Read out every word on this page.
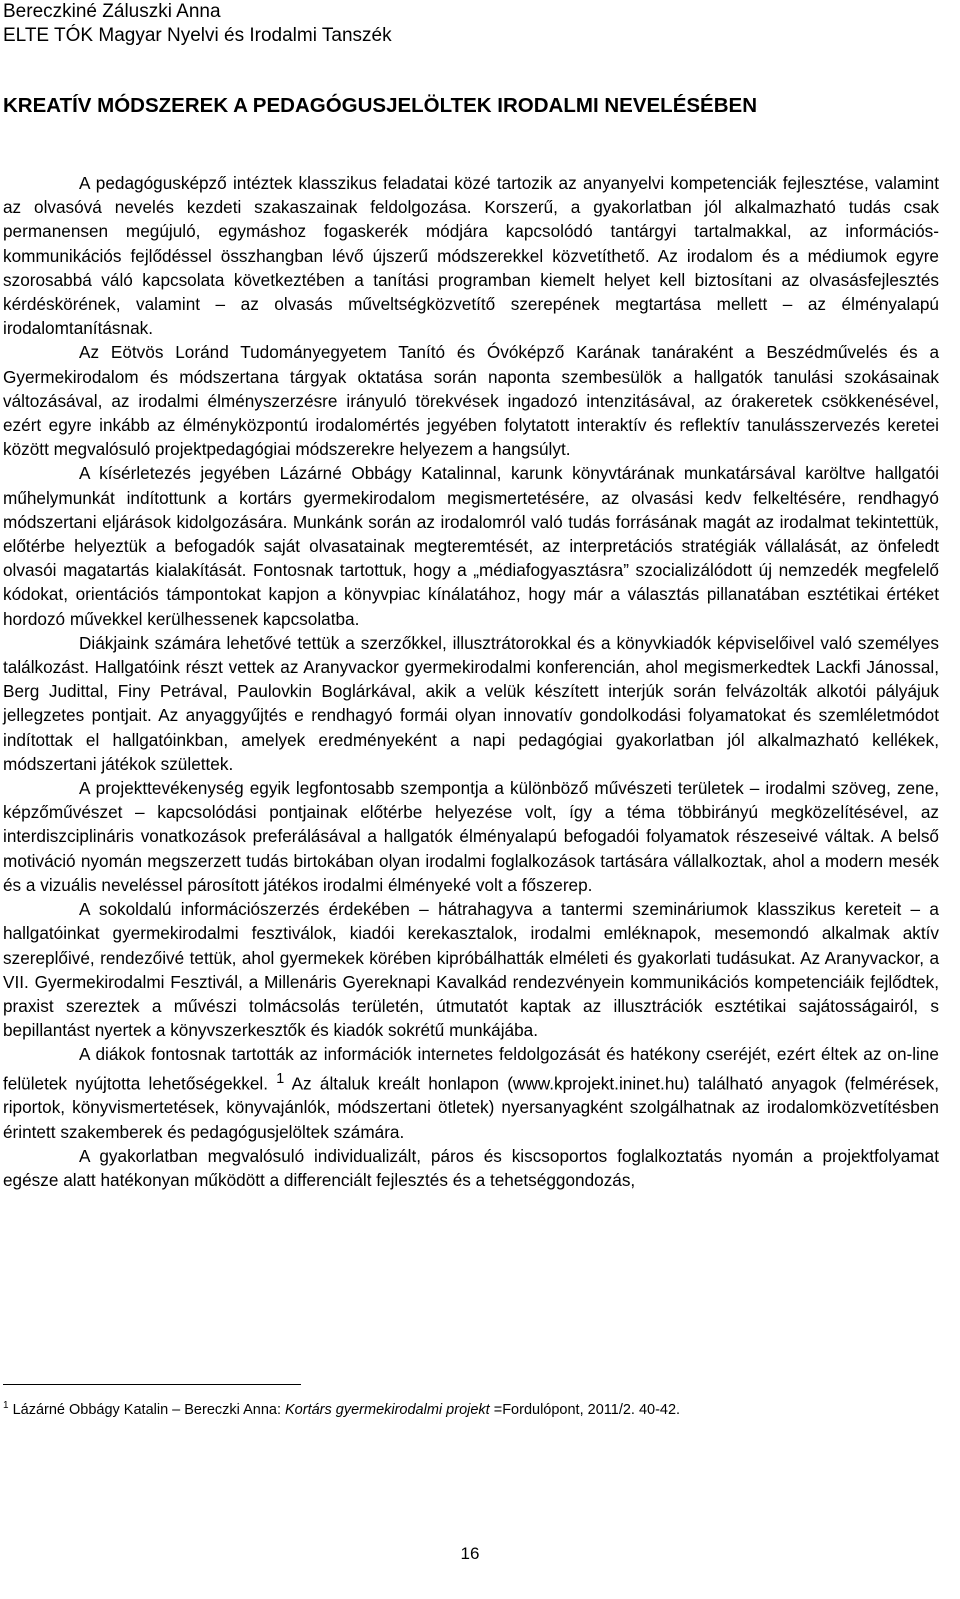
Bereczkiné Záluszki Anna
ELTE TÓK Magyar Nyelvi és Irodalmi Tanszék
KREATÍV MÓDSZEREK A PEDAGÓGUSJELÖLTEK IRODALMI NEVELÉSÉBEN

A pedagógusképző intéztek klasszikus feladatai közé tartozik az anyanyelvi kompetenciák fejlesztése, valamint az olvasóvá nevelés kezdeti szakaszainak feldolgozása. Korszerű, a gyakorlatban jól alkalmazható tudás csak permanensen megújuló, egymáshoz fogaskerék módjára kapcsolódó tantárgyi tartalmakkal, az információs-kommunikációs fejlődéssel összhangban lévő újszerű módszerekkel közvetíthető. Az irodalom és a médiumok egyre szorosabbá váló kapcsolata következtében a tanítási programban kiemelt helyet kell biztosítani az olvasásfejlesztés kérdéskörének, valamint – az olvasás műveltségközvetítő szerepének megtartása mellett – az élményalapú irodalomtanításnak.

Az Eötvös Loránd Tudományegyetem Tanító és Óvóképző Karának tanáraként a Beszédművelés és a Gyermekirodalom és módszertana tárgyak oktatása során naponta szembesülök a hallgatók tanulási szokásainak változásával, az irodalmi élményszerzésre irányuló törekvések ingadozó intenzitásával, az órakeretek csökkenésével, ezért egyre inkább az élményközpontú irodalomértés jegyében folytatott interaktív és reflektív tanulásszervezés keretei között megvalósuló projektpedagógiai módszerekre helyezem a hangsúlyt.

A kísérletezés jegyében Lázárné Obbágy Katalinnal, karunk könyvtárának munkatársával karöltve hallgatói műhelymunkát indítottunk a kortárs gyermekirodalom megismertetésére, az olvasási kedv felkeltésére, rendhagyó módszertani eljárások kidolgozására. Munkánk során az irodalomról való tudás forrásának magát az irodalmat tekintettük, előtérbe helyeztük a befogadók saját olvasatainak megteremtését, az interpretációs stratégiák vállalását, az önfeledt olvasói magatartás kialakítását. Fontosnak tartottuk, hogy a „médiafogyasztásra” szocializálódott új nemzedék megfelelő kódokat, orientációs támpontokat kapjon a könyvpiac kínálatához, hogy már a választás pillanatában esztétikai értéket hordozó művekkel kerülhessenek kapcsolatba.

Diákjaink számára lehetővé tettük a szerzőkkel, illusztrátorokkal és a könyvkiadók képviselőivel való személyes találkozást. Hallgatóink részt vettek az Aranyvackor gyermekirodalmi konferencián, ahol megismerkedtek Lackfi Jánossal, Berg Judittal, Finy Petrával, Paulovkin Boglárkával, akik a velük készített interjúk során felvázolták alkotói pályájuk jellegzetes pontjait. Az anyaggyűjtés e rendhagyó formái olyan innovatív gondolkodási folyamatokat és szemléletmódot indítottak el hallgatóinkban, amelyek eredményeként a napi pedagógiai gyakorlatban jól alkalmazható kellékek, módszertani játékok születtek.

A projekttevékenység egyik legfontosabb szempontja a különböző művészeti területek – irodalmi szöveg, zene, képzőművészet – kapcsolódási pontjainak előtérbe helyezése volt, így a téma többirányú megközelítésével, az interdiszciplináris vonatkozások preferálásával a hallgatók élményalapú befogadói folyamatok részeseivé váltak. A belső motiváció nyomán megszerzett tudás birtokában olyan irodalmi foglalkozások tartására vállalkoztak, ahol a modern mesék és a vizuális neveléssel párosított játékos irodalmi élményeké volt a főszerep.

A sokoldalú információszerzés érdekében – hátrahagyva a tantermi szemináriumok klasszikus kereteit – a hallgatóinkat gyermekirodalmi fesztiválok, kiadói kerekasztalok, irodalmi emléknapok, mesemondó alkalmak aktív szereplőivé, rendezőivé tettük, ahol gyermekek körében kipróbálhatták elméleti és gyakorlati tudásukat. Az Aranyvackor, a VII. Gyermekirodalmi Fesztivál, a Millenáris Gyereknapi Kavalkád rendezvényein kommunikációs kompetenciáik fejlődtek, praxist szereztek a művészi tolmácsolás területén, útmutatót kaptak az illusztrációk esztétikai sajátosságairól, s bepillantást nyertek a könyvszerkesztők és kiadók sokrétű munkájába.

A diákok fontosnak tartották az információk internetes feldolgozását és hatékony cseréjét, ezért éltek az on-line felületek nyújtotta lehetőségekkel. $^1$ Az általuk kreált honlapon (www.kprojekt.ininet.hu) található anyagok (felmérések, riportok, könyvismertetések, könyvajánlók, módszertani ötletek) nyersanyagként szolgálhatnak az irodalomközvetítésben érintett szakemberek és pedagógusjelöltek számára.

A gyakorlatban megvalósuló individualizált, páros és kiscsoportos foglalkoztatás nyomán a projektfolyamat egésze alatt hatékonyan működött a differenciált fejlesztés és a tehetséggondozás,

$^1$ Lázárné Obbágy Katalin – Bereczki Anna: Kortárs gyermekirodalmi projekt =Fordulópont, 2011/2. 40-42.
16
